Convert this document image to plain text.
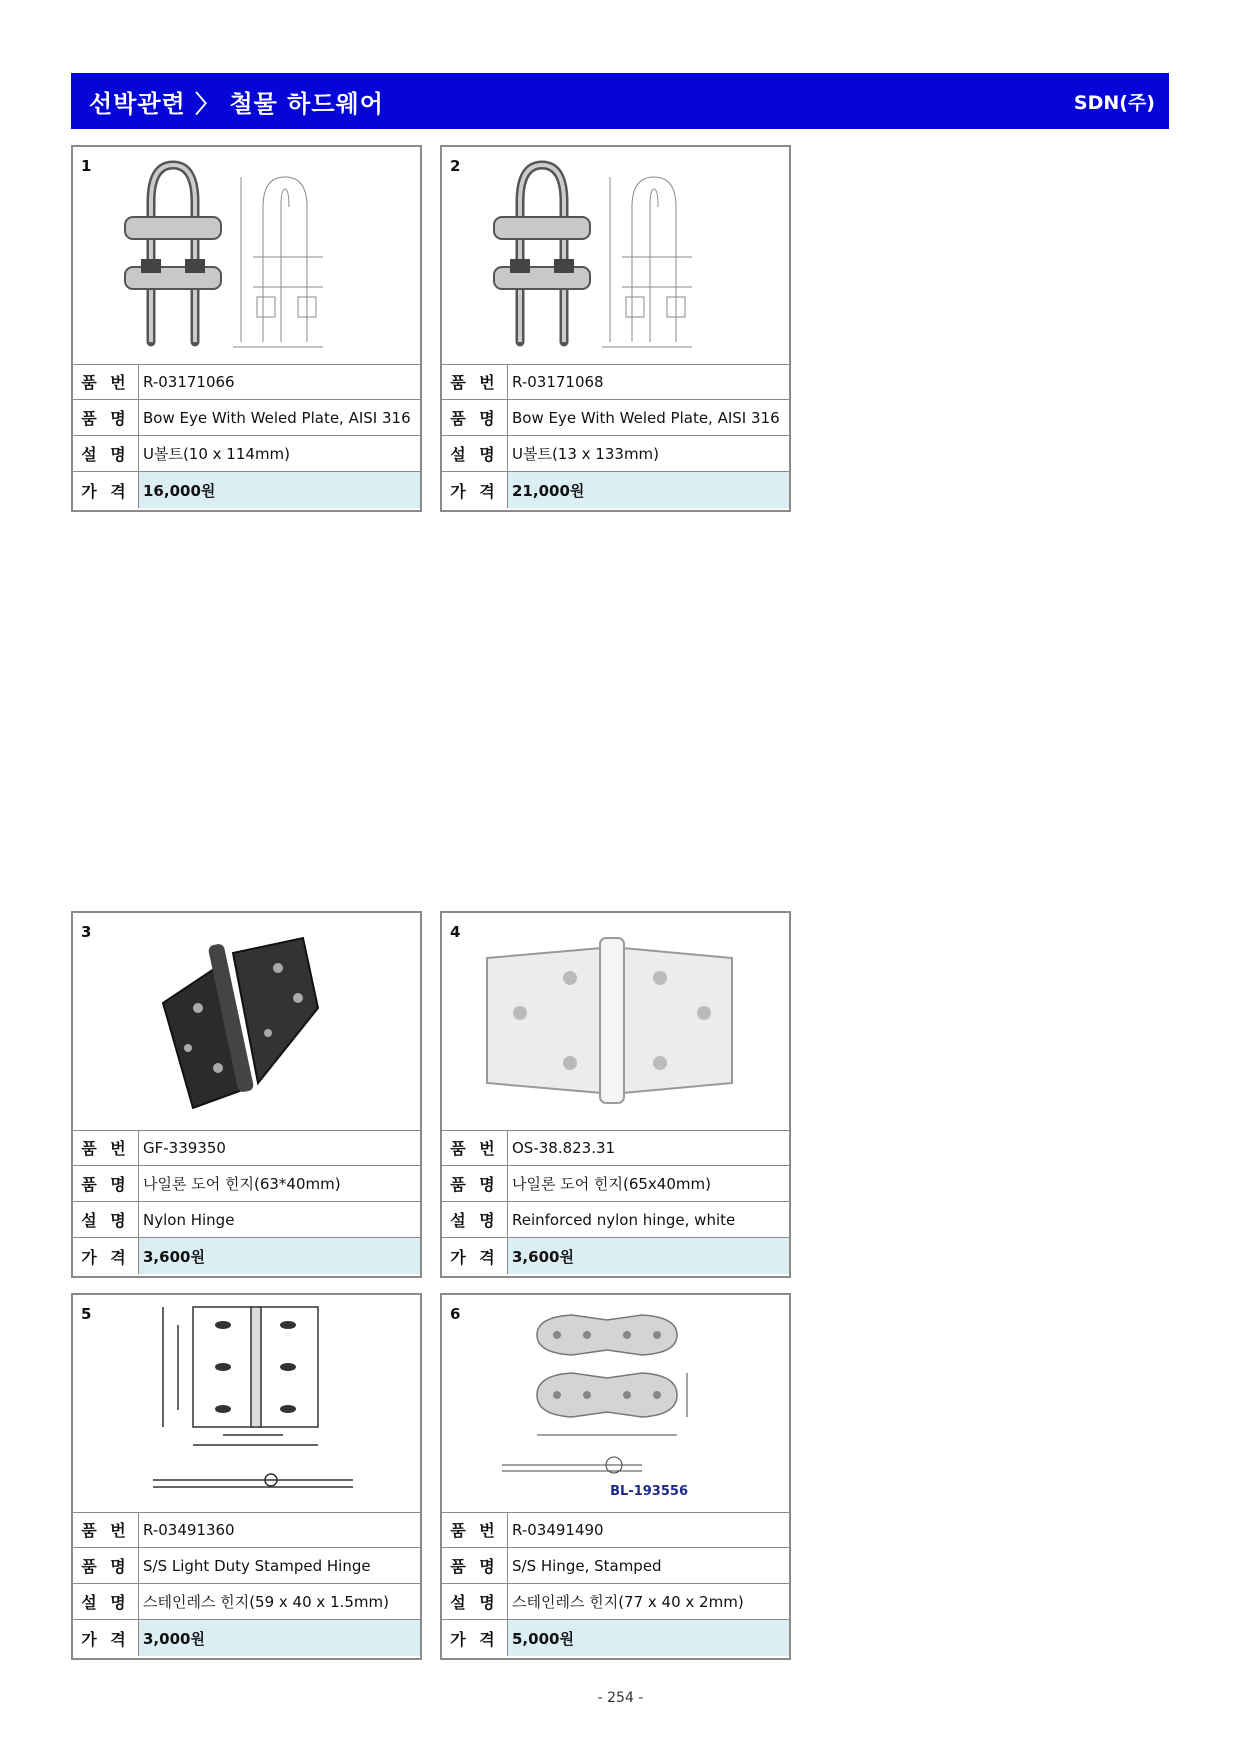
선박관련 〉 철물 하드웨어	SDN(주)
1
품 번 R-03171066
품 명 Bow Eye With Weled Plate, AISI 316
설 명 U볼트(10 x 114mm)
가 격 16,000원
2
품 번 R-03171068
품 명 Bow Eye With Weled Plate, AISI 316
설 명 U볼트(13 x 133mm)
가 격 21,000원
3
품 번 GF-339350
품 명 나일론 도어 힌지(63*40mm)
설 명 Nylon Hinge
가 격 3,600원
4
품 번 OS-38.823.31
품 명 나일론 도어 힌지(65x40mm)
설 명 Reinforced nylon hinge, white
가 격 3,600원
5
품 번 R-03491360
품 명 S/S Light Duty Stamped Hinge
설 명 스테인레스 힌지(59 x 40 x 1.5mm)
가 격 3,000원
6
BL-193556
품 번 R-03491490
품 명 S/S Hinge, Stamped
설 명 스테인레스 힌지(77 x 40 x 2mm)
가 격 5,000원
- 254 -
